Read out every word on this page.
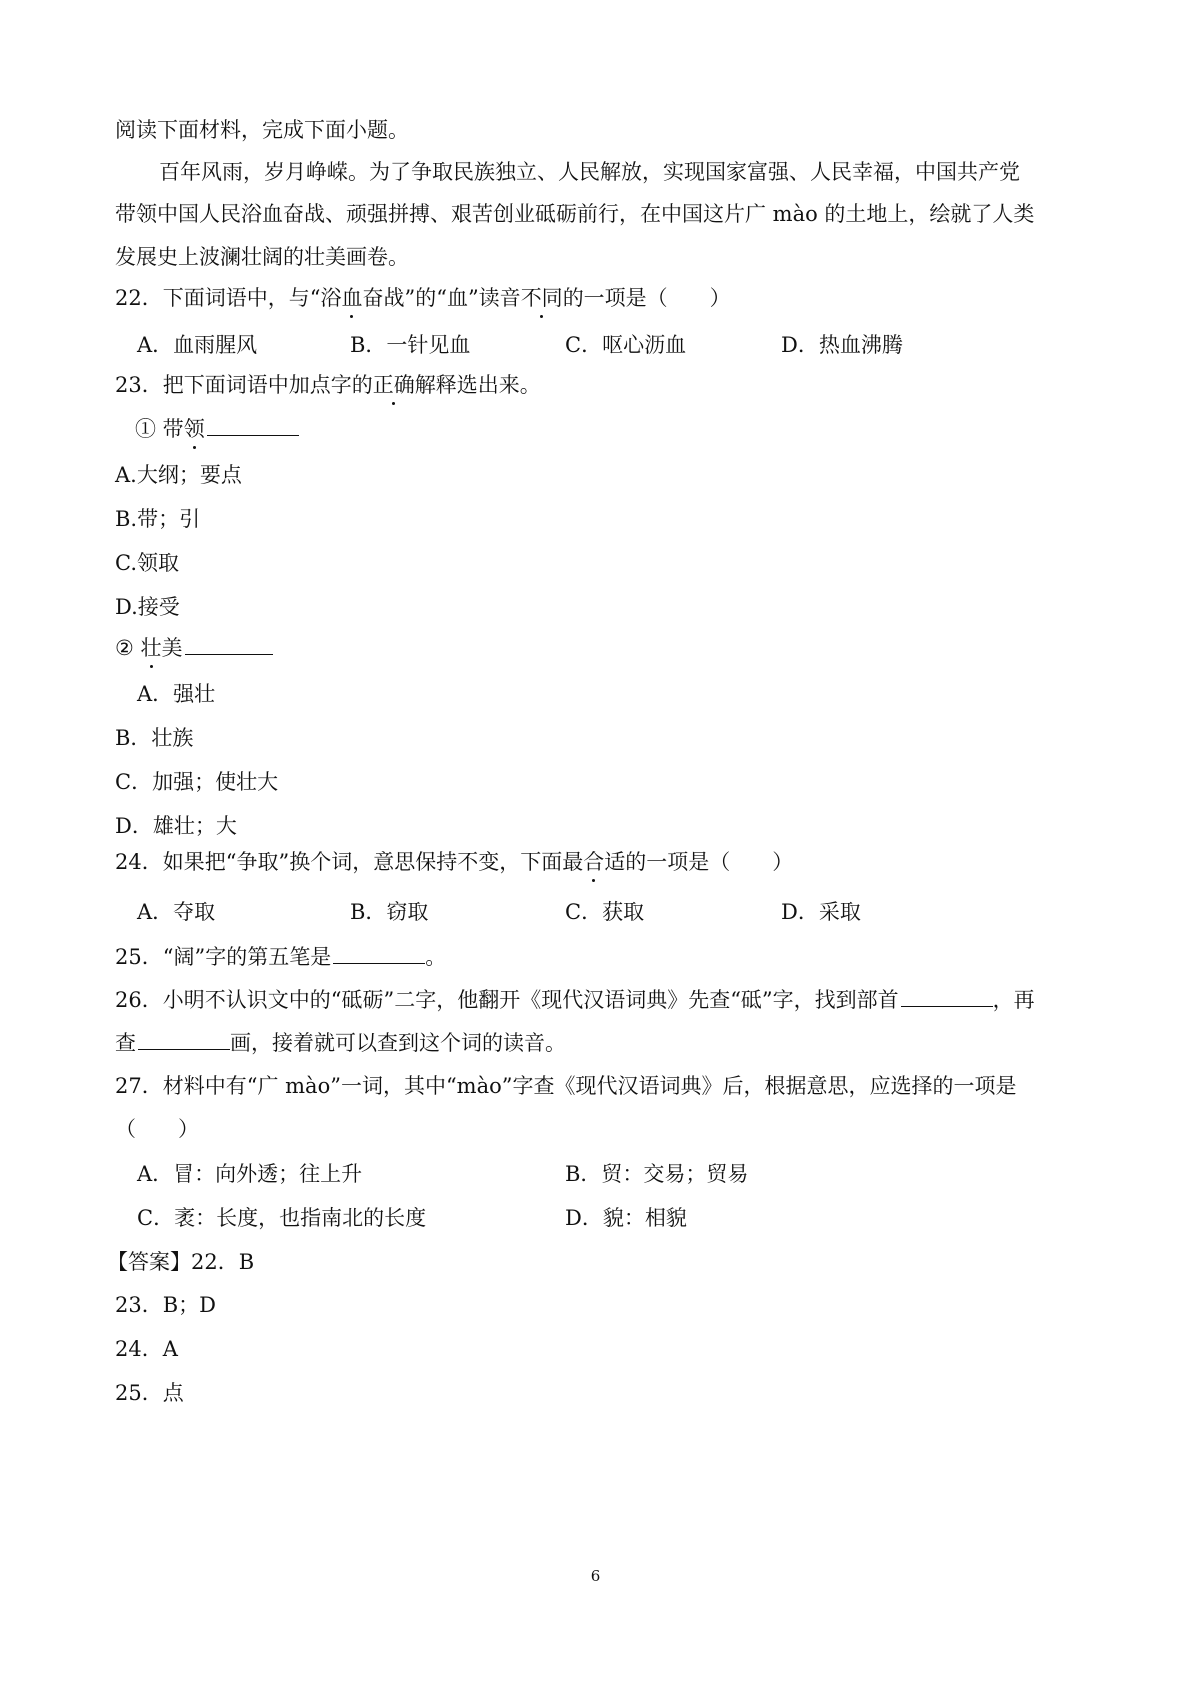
阅读下面材料，完成下面小题。
百年风雨，岁月峥嵘。为了争取民族独立、人民解放，实现国家富强、人民幸福，中国共产党
带领中国人民浴血奋战、顽强拼搏、艰苦创业砥砺前行，在中国这片广 mào 的土地上，绘就了人类
发展史上波澜壮阔的壮美画卷。
22．下面词语中，与“浴血奋战”的“血”读音不同的一项是（　　）
A．血雨腥风	B．一针见血	C．呕心沥血	D．热血沸腾
23．把下面词语中加点字的正确解释选出来。
① 带领
A.大纲；要点
B.带；引
C.领取
D.接受
② 壮美
A．强壮
B．壮族
C．加强；使壮大
D．雄壮；大
24．如果把“争取”换个词，意思保持不变，下面最合适的一项是（　　）
A．夺取	B．窃取	C．获取	D．采取
25．“阔”字的第五笔是	。
26．小明不认识文中的“砥砺”二字，他翻开《现代汉语词典》先查“砥”字，找到部首	，再
查	画，接着就可以查到这个词的读音。
27．材料中有“广 mào”一词，其中“mào”字查《现代汉语词典》后，根据意思，应选择的一项是
（　　）
A．冒：向外透；往上升	B．贸：交易；贸易
C．袤：长度，也指南北的长度	D．貌：相貌
【答案】22．B
23．B；D
24．A
25．点
6
